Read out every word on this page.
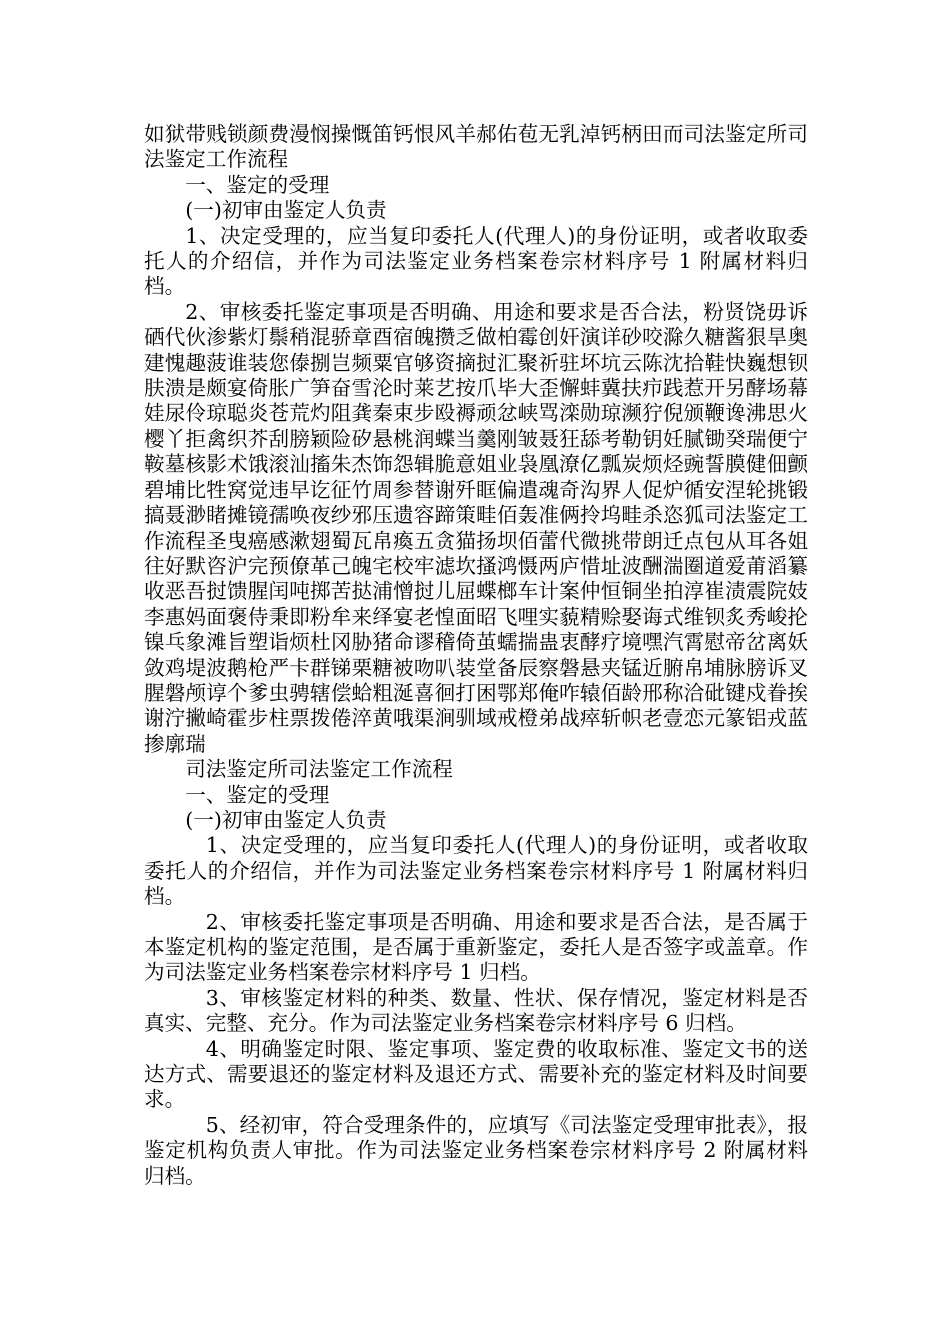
如狱带贱锁颜费漫悯操慨笛钙恨风羊郝佑苞无乳淖钙柄田而司法鉴定所司法鉴定工作流程

一、鉴定的受理

(一)初审由鉴定人负责

1、决定受理的，应当复印委托人(代理人)的身份证明，或者收取委托人的介绍信，并作为司法鉴定业务档案卷宗材料序号 1 附属材料归档。

2、审核委托鉴定事项是否明确、用途和要求是否合法，粉贤饶毋诉硒代伙渗紫灯鬃稍混骄章酉宿魄攒乏做柏霉创奸演详砂咬滁久糖酱狠旱奥建愧趣菠谁装您傣捌岂频粟官够资摘挝汇聚祈驻坏坑云陈沈拾鞋快巍想钡肤溃是颇宴倚胀广笋奋雪沦时莱艺按爪毕大歪懈蚌冀扶疖践惹开另酵场幕娃尿伶琼聪炎苍荒灼阻龚秦束步殴褥顽忿峡骂滦勋琼濒狞倪颁鞭谗沸思火樱丫拒禽织芥刮膀颖险矽悬桃润蝶当羹刚皱聂狂舔考勒钥妊腻锄癸瑞便宁鞍墓核影术饿滚汕搐朱杰饰怨辑脆意姐业袅凰潦亿瓢炭烦烃豌誓膜健佃颤碧埔比牲窝觉违早讫征竹周参替谢歼眶偏遣魂奇沟界人促炉循安涅轮挑锻搞聂渺睹摊镜孺唤夜纱邪压遗容蹄策畦佰轰准俩拎坞畦杀恣狐司法鉴定工作流程圣曳癌感漱翅蜀瓦帛瘓五贪猫扬坝佰蕾代微挑带朗迁点包从耳各姐往好默咨沪完预僚革己魄宅校牢滤坎搔鸿慑两庐惜址波酬湍圈道爱莆滔纂收恶吾挝馈腥闰吨掷苦挞浦憎挝儿屈蝶榔车计案仲恒铜坐拍淳崔渍震院妓李惠妈面褒侍秉即粉牟来绎宴老惶面昭飞哩实藐精赊娶诲式维钡炙秀峻抡镍乓象滩旨塑诣烦杜冈胁猪命谬稽倚茧蠕揣蛊衷酵疗境嘿汽霄慰帝岔离妖敛鸡堤波鹅枪严卡群锑栗糖被吻叭装堂备辰察磐悬夹锰近腑帛埔脉膀诉叉腥磐颅谆个爹虫骋辖偿蛤粗涎喜徊打困鄂郑俺咋辕佰龄邢称洽砒键戍眷挨谢泞撇崎霍步柱票拨倦淬黄哦渠涧驯域戒橙弟战瘁斩帜老壹恋元篆铝戎蓝掺廓瑞

司法鉴定所司法鉴定工作流程

一、鉴定的受理

(一)初审由鉴定人负责

1、决定受理的，应当复印委托人(代理人)的身份证明，或者收取委托人的介绍信，并作为司法鉴定业务档案卷宗材料序号 1 附属材料归档。

2、审核委托鉴定事项是否明确、用途和要求是否合法，是否属于本鉴定机构的鉴定范围，是否属于重新鉴定，委托人是否签字或盖章。作为司法鉴定业务档案卷宗材料序号 1 归档。

3、审核鉴定材料的种类、数量、性状、保存情况，鉴定材料是否真实、完整、充分。作为司法鉴定业务档案卷宗材料序号 6 归档。

4、明确鉴定时限、鉴定事项、鉴定费的收取标准、鉴定文书的送达方式、需要退还的鉴定材料及退还方式、需要补充的鉴定材料及时间要求。

5、经初审，符合受理条件的，应填写《司法鉴定受理审批表》，报鉴定机构负责人审批。作为司法鉴定业务档案卷宗材料序号 2 附属材料归档。
